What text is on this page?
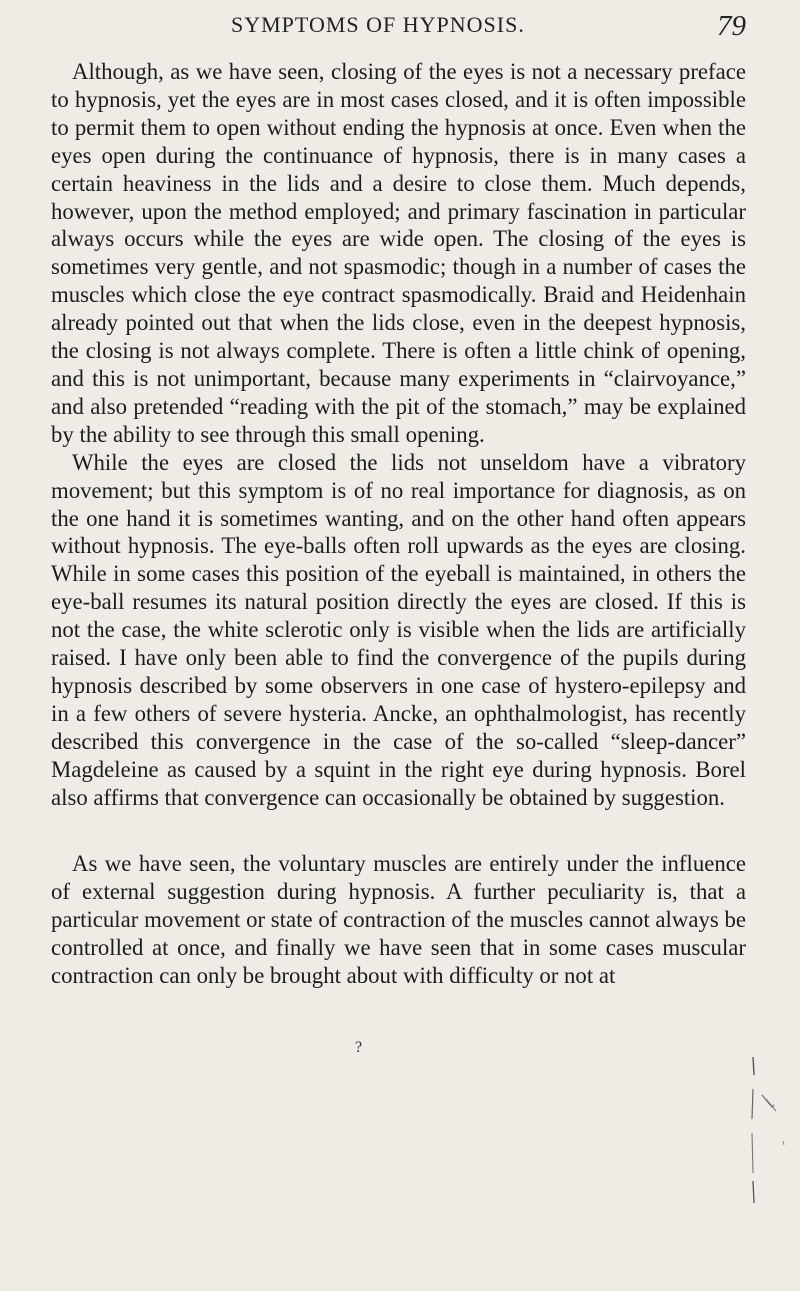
SYMPTOMS OF HYPNOSIS.	79

Although, as we have seen, closing of the eyes is not a necessary preface to hypnosis, yet the eyes are in most cases closed, and it is often impossible to permit them to open without ending the hypnosis at once. Even when the eyes open during the continuance of hypnosis, there is in many cases a certain heaviness in the lids and a desire to close them. Much depends, however, upon the method employed; and primary fascination in particular always occurs while the eyes are wide open. The closing of the eyes is sometimes very gentle, and not spasmodic; though in a number of cases the muscles which close the eye contract spasmodically. Braid and Heidenhain already pointed out that when the lids close, even in the deepest hypnosis, the closing is not always complete. There is often a little chink of opening, and this is not unimportant, because many experiments in “clairvoyance,” and also pretended “reading with the pit of the stomach,” may be explained by the ability to see through this small opening.

While the eyes are closed the lids not unseldom have a vibratory movement; but this symptom is of no real importance for diagnosis, as on the one hand it is sometimes wanting, and on the other hand often appears without hypnosis. The eye-balls often roll upwards as the eyes are closing. While in some cases this position of the eyeball is maintained, in others the eye-ball resumes its natural position directly the eyes are closed. If this is not the case, the white sclerotic only is visible when the lids are artificially raised. I have only been able to find the convergence of the pupils during hypnosis described by some observers in one case of hystero-epilepsy and in a few others of severe hysteria. Ancke, an ophthalmologist, has recently described this convergence in the case of the so-called “sleep-dancer” Magdeleine as caused by a squint in the right eye during hypnosis. Borel also affirms that convergence can occasionally be obtained by suggestion.

As we have seen, the voluntary muscles are entirely under the influence of external suggestion during hypnosis. A further peculiarity is, that a particular movement or state of contraction of the muscles cannot always be controlled at once, and finally we have seen that in some cases muscular contraction can only be brought about with difficulty or not at

?
